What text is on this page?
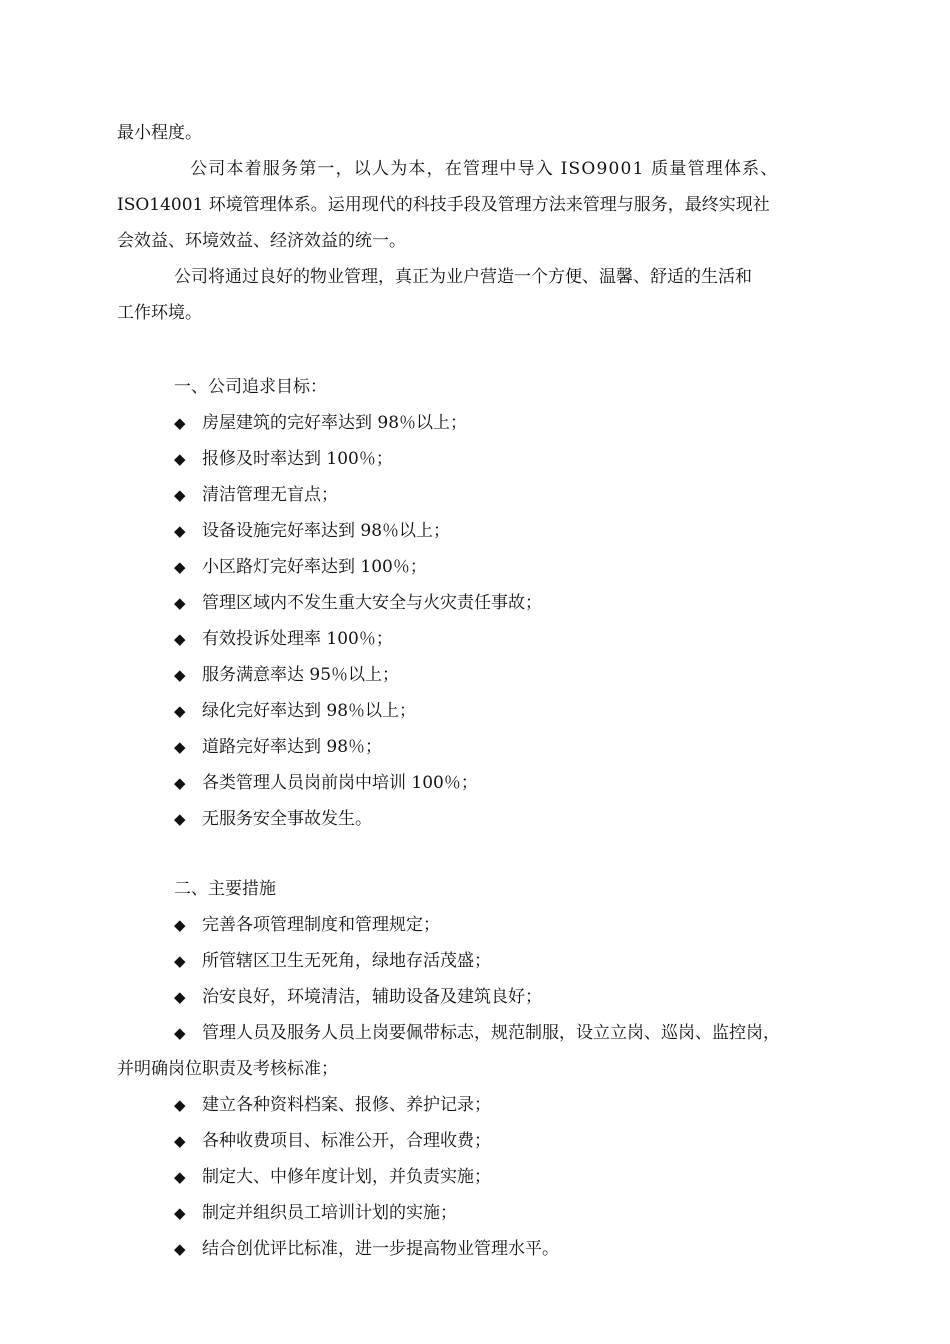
最小程度。
公司本着服务第一，以人为本，在管理中导入 ISO9001 质量管理体系、
ISO14001 环境管理体系。运用现代的科技手段及管理方法来管理与服务，最终实现社
会效益、环境效益、经济效益的统一。
公司将通过良好的物业管理，真正为业户营造一个方便、温馨、舒适的生活和
工作环境。
一、公司追求目标：
◆ 房屋建筑的完好率达到 98％以上；
◆ 报修及时率达到 100％；
◆ 清洁管理无盲点；
◆ 设备设施完好率达到 98％以上；
◆ 小区路灯完好率达到 100％；
◆ 管理区域内不发生重大安全与火灾责任事故；
◆ 有效投诉处理率 100％；
◆ 服务满意率达 95％以上；
◆ 绿化完好率达到 98％以上；
◆ 道路完好率达到 98％；
◆ 各类管理人员岗前岗中培训 100％；
◆ 无服务安全事故发生。
二、主要措施
◆ 完善各项管理制度和管理规定；
◆ 所管辖区卫生无死角，绿地存活茂盛；
◆ 治安良好，环境清洁，辅助设备及建筑良好；
◆ 管理人员及服务人员上岗要佩带标志，规范制服，设立立岗、巡岗、监控岗，
并明确岗位职责及考核标准；
◆ 建立各种资料档案、报修、养护记录；
◆ 各种收费项目、标准公开，合理收费；
◆ 制定大、中修年度计划，并负责实施；
◆ 制定并组织员工培训计划的实施；
◆ 结合创优评比标准，进一步提高物业管理水平。
